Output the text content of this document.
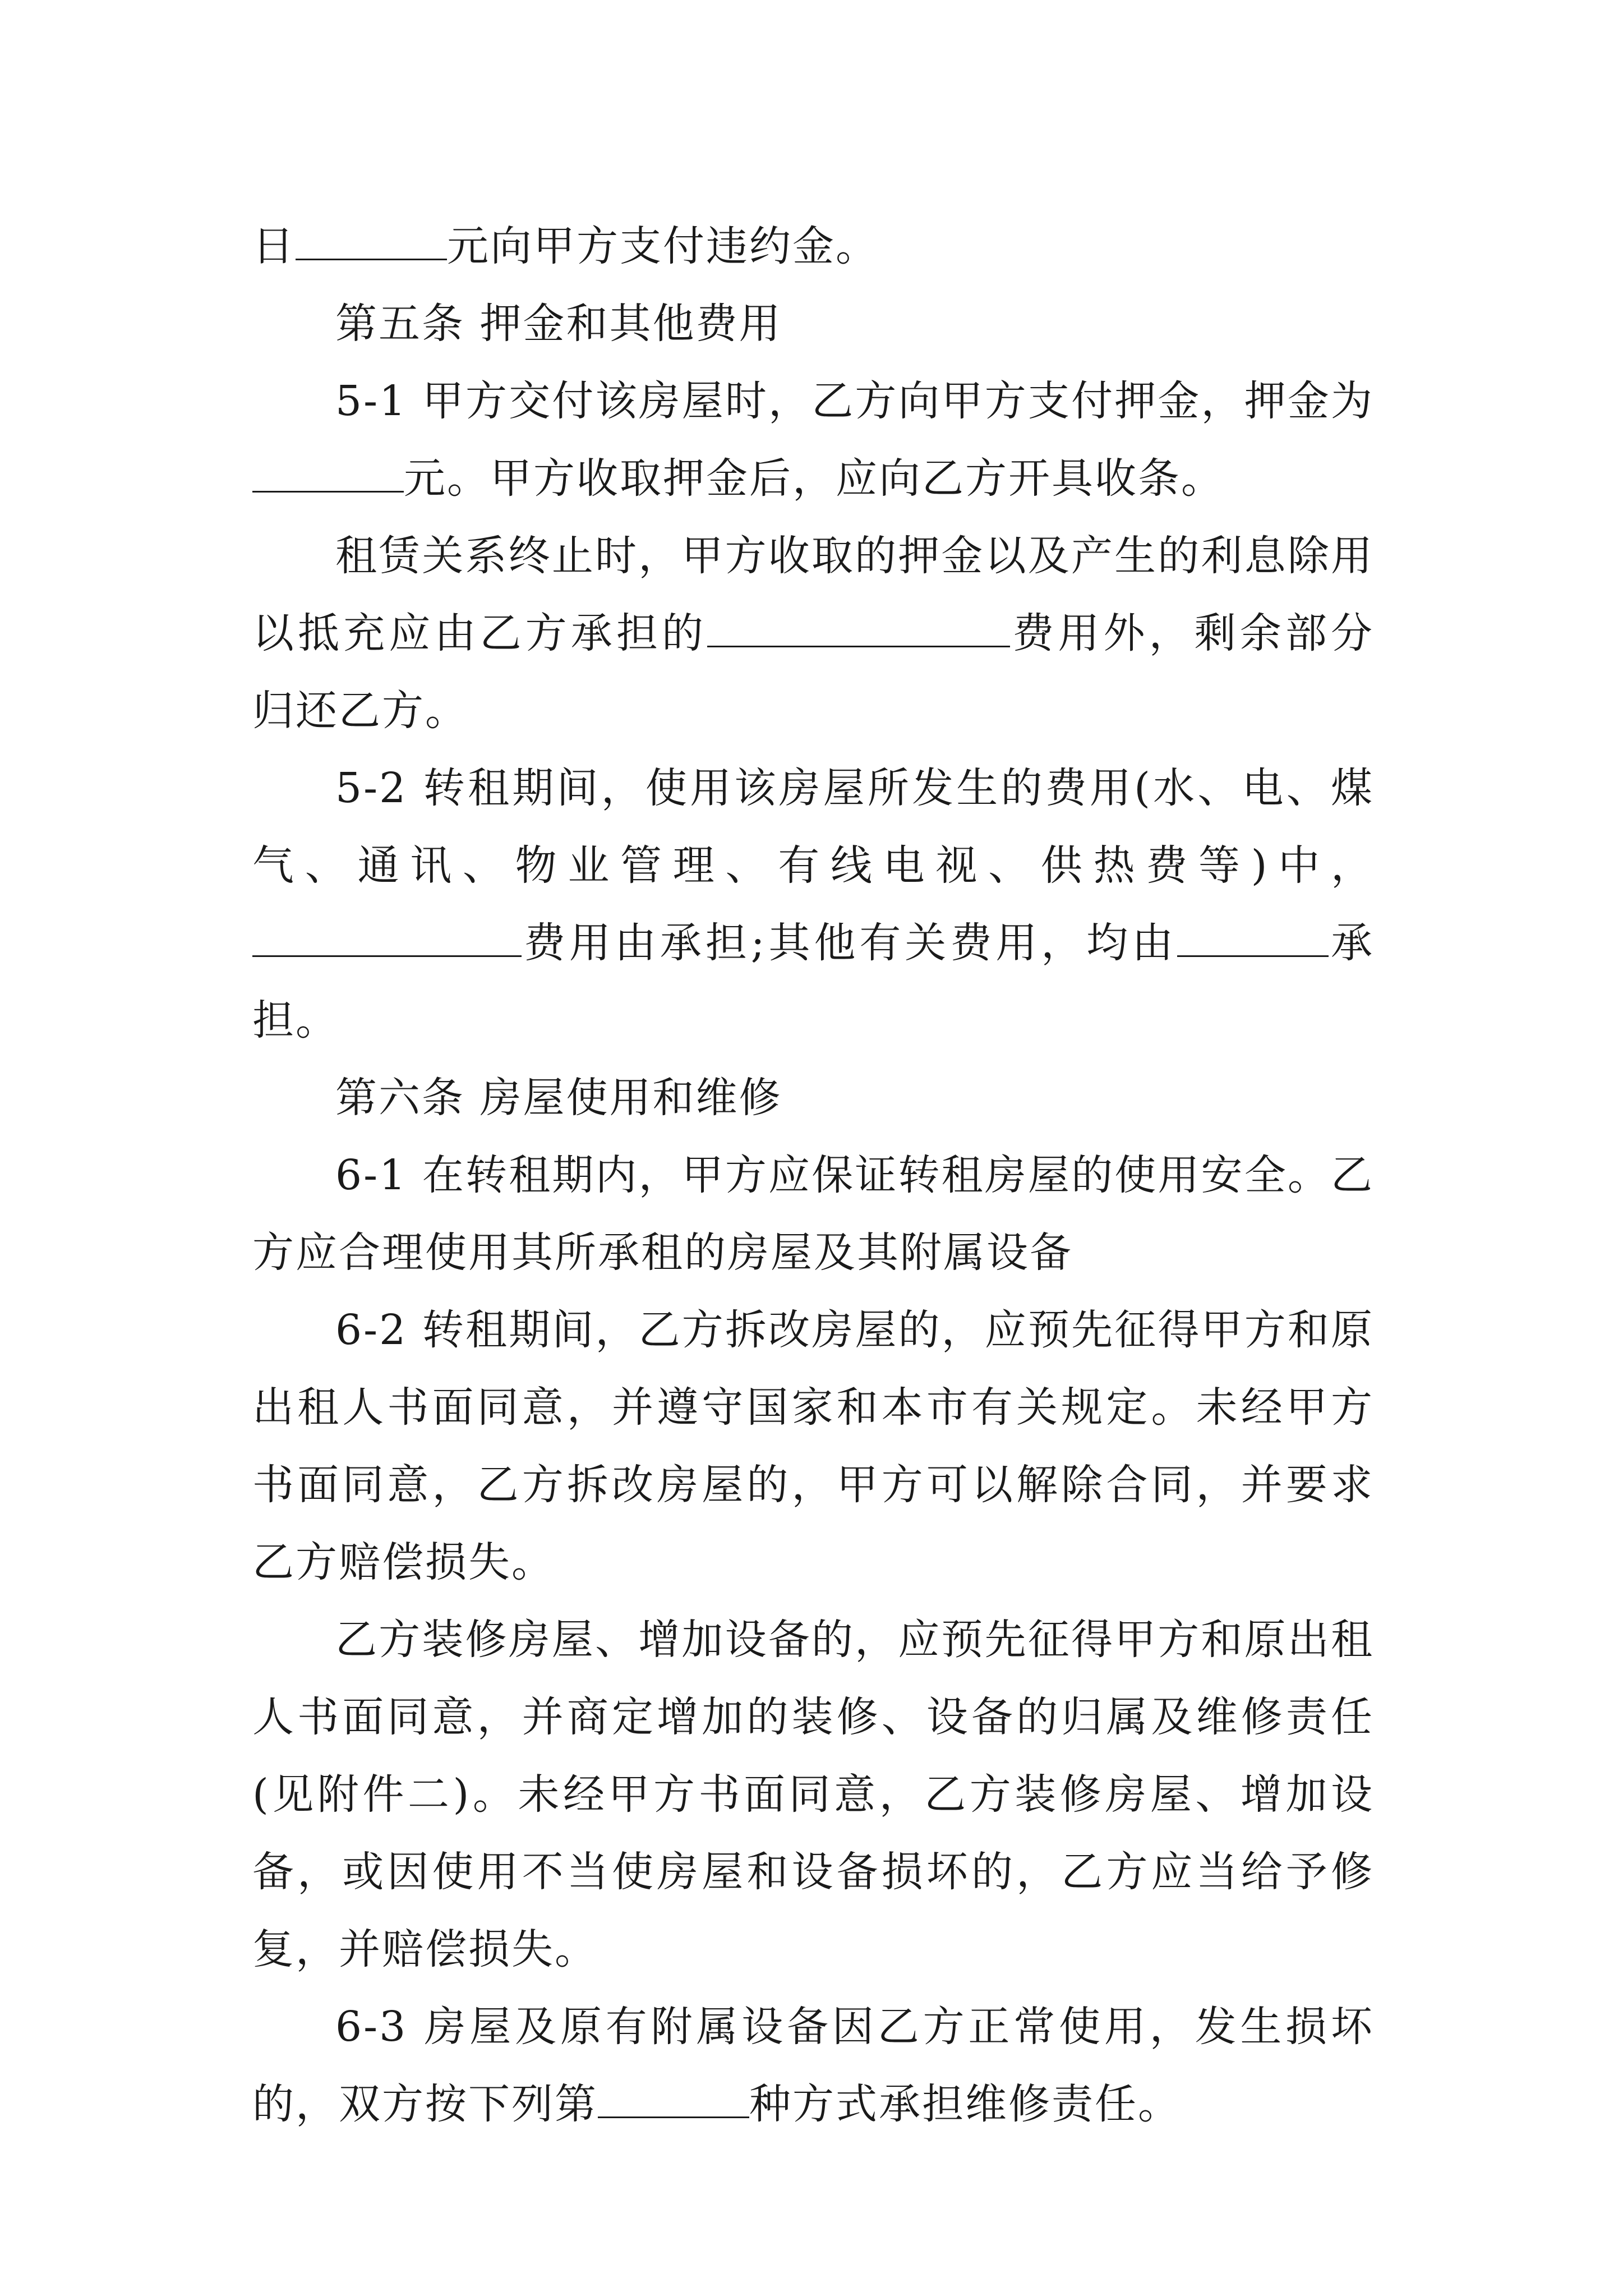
日	元向甲方支付违约金。

第五条 押金和其他费用

5-1 甲方交付该房屋时，乙方向甲方支付押金，押金为元。甲方收取押金后，应向乙方开具收条。

租赁关系终止时，甲方收取的押金以及产生的利息除用以抵充应由乙方承担的	费用外，剩余部分归还乙方。

5-2 转租期间，使用该房屋所发生的费用(水、电、煤气、通讯、物业管理、有线电视、供热费等)中，费用由承担;其他有关费用，均由	承担。

第六条 房屋使用和维修

6-1 在转租期内，甲方应保证转租房屋的使用安全。乙方应合理使用其所承租的房屋及其附属设备

6-2 转租期间，乙方拆改房屋的，应预先征得甲方和原出租人书面同意，并遵守国家和本市有关规定。未经甲方书面同意，乙方拆改房屋的，甲方可以解除合同，并要求乙方赔偿损失。

乙方装修房屋、增加设备的，应预先征得甲方和原出租人书面同意，并商定增加的装修、设备的归属及维修责任(见附件二)。未经甲方书面同意，乙方装修房屋、增加设备，或因使用不当使房屋和设备损坏的，乙方应当给予修复，并赔偿损失。

6-3 房屋及原有附属设备因乙方正常使用，发生损坏的，双方按下列第	种方式承担维修责任。
